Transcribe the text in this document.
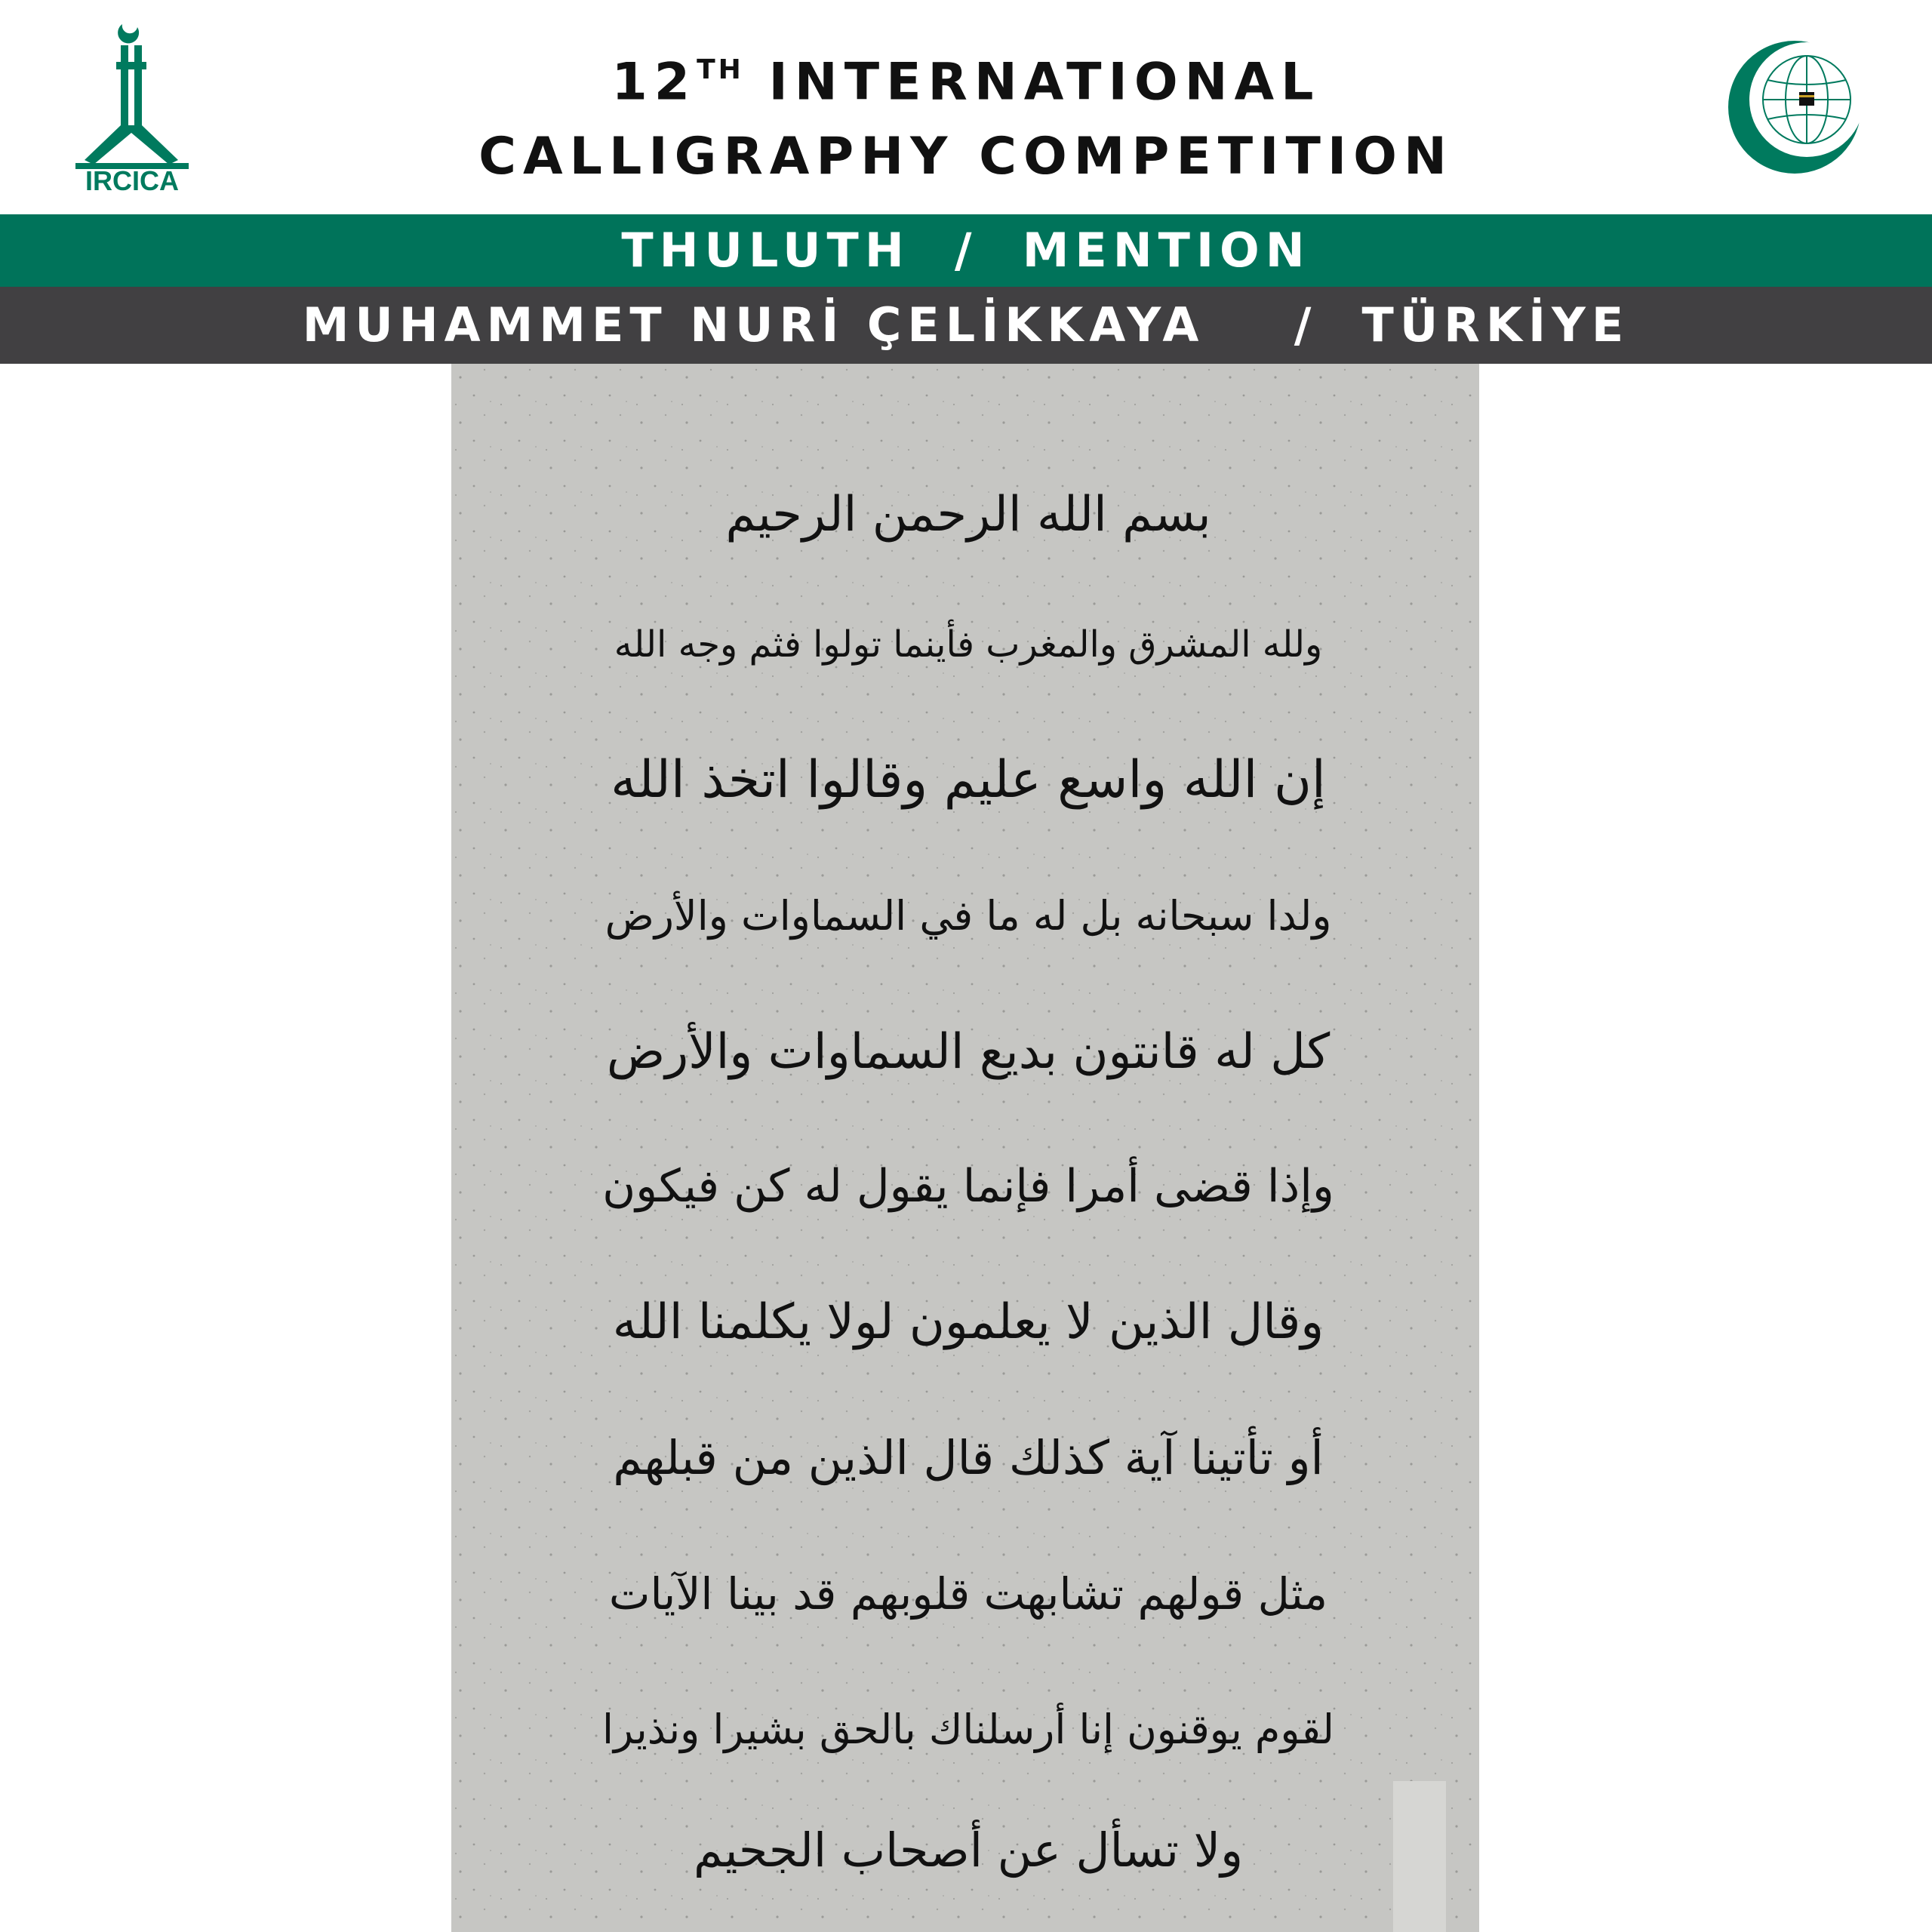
IRCICA
12TH INTERNATIONAL
CALLIGRAPHY COMPETITION
THULUTH / MENTION
MUHAMMET NURİ ÇELİKKAYA / TÜRKİYE
بسم الله الرحمن الرحيم
ولله المشرق والمغرب فأينما تولوا فثم وجه الله
إن الله واسع عليم وقالوا اتخذ الله
ولدا سبحانه بل له ما في السماوات والأرض
كل له قانتون بديع السماوات والأرض
وإذا قضى أمرا فإنما يقول له كن فيكون
وقال الذين لا يعلمون لولا يكلمنا الله
أو تأتينا آية كذلك قال الذين من قبلهم
مثل قولهم تشابهت قلوبهم قد بينا الآيات
لقوم يوقنون إنا أرسلناك بالحق بشيرا ونذيرا
ولا تسأل عن أصحاب الجحيم
